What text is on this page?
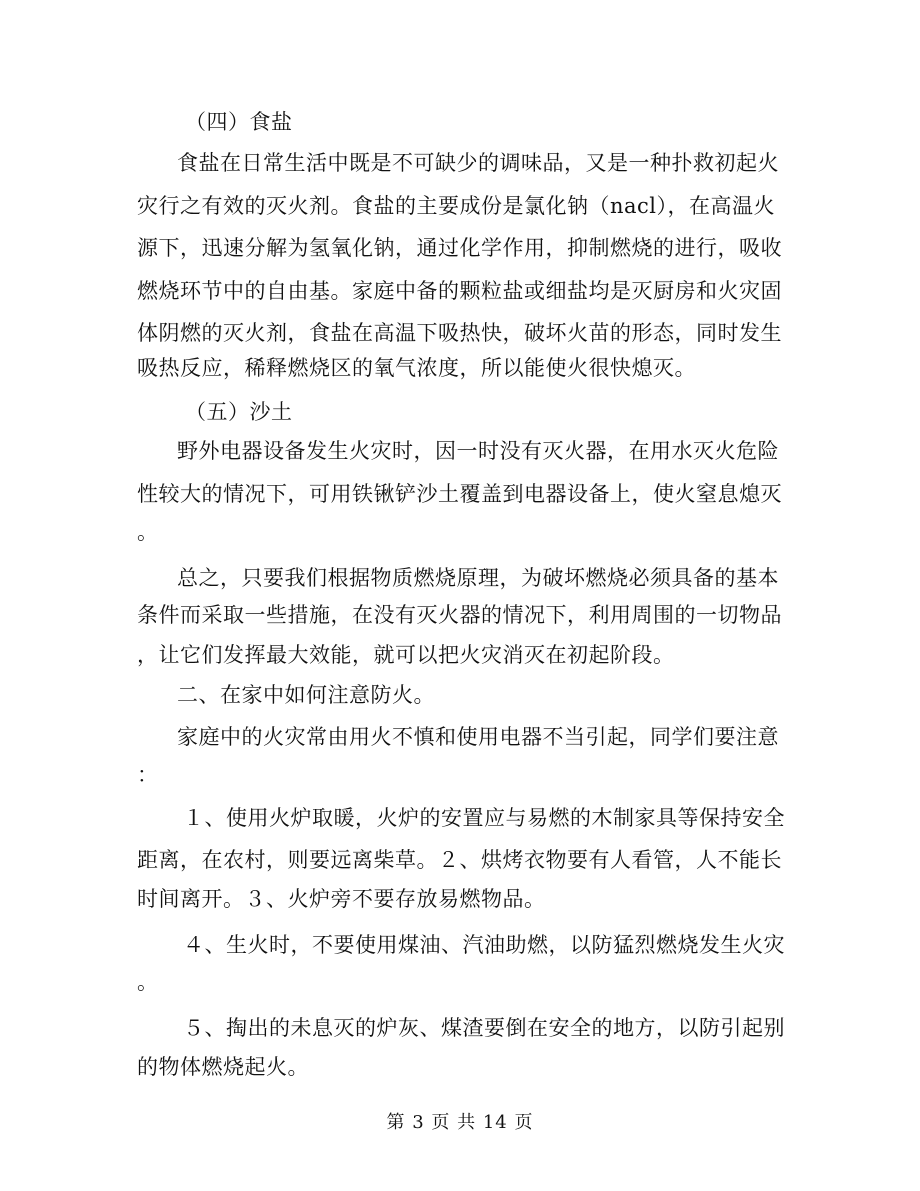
（四）食盐

食盐在日常生活中既是不可缺少的调味品，又是一种扑救初起火

灾行之有效的灭火剂。食盐的主要成份是氯化钠（nacl），在高温火

源下，迅速分解为氢氧化钠，通过化学作用，抑制燃烧的进行，吸收

燃烧环节中的自由基。家庭中备的颗粒盐或细盐均是灭厨房和火灾固

体阴燃的灭火剂，食盐在高温下吸热快，破坏火苗的形态，同时发生

吸热反应，稀释燃烧区的氧气浓度，所以能使火很快熄灭。

（五）沙土

野外电器设备发生火灾时，因一时没有灭火器，在用水灭火危险

性较大的情况下，可用铁锹铲沙土覆盖到电器设备上，使火窒息熄灭

。

总之，只要我们根据物质燃烧原理，为破坏燃烧必须具备的基本

条件而采取一些措施，在没有灭火器的情况下，利用周围的一切物品

，让它们发挥最大效能，就可以把火灾消灭在初起阶段。

二、在家中如何注意防火。

家庭中的火灾常由用火不慎和使用电器不当引起，同学们要注意

：

１、使用火炉取暖，火炉的安置应与易燃的木制家具等保持安全

距离，在农村，则要远离柴草。２、烘烤衣物要有人看管，人不能长

时间离开。３、火炉旁不要存放易燃物品。

４、生火时，不要使用煤油、汽油助燃，以防猛烈燃烧发生火灾

。

５、掏出的未息灭的炉灰、煤渣要倒在安全的地方，以防引起别

的物体燃烧起火。

第 3 页 共 14 页
